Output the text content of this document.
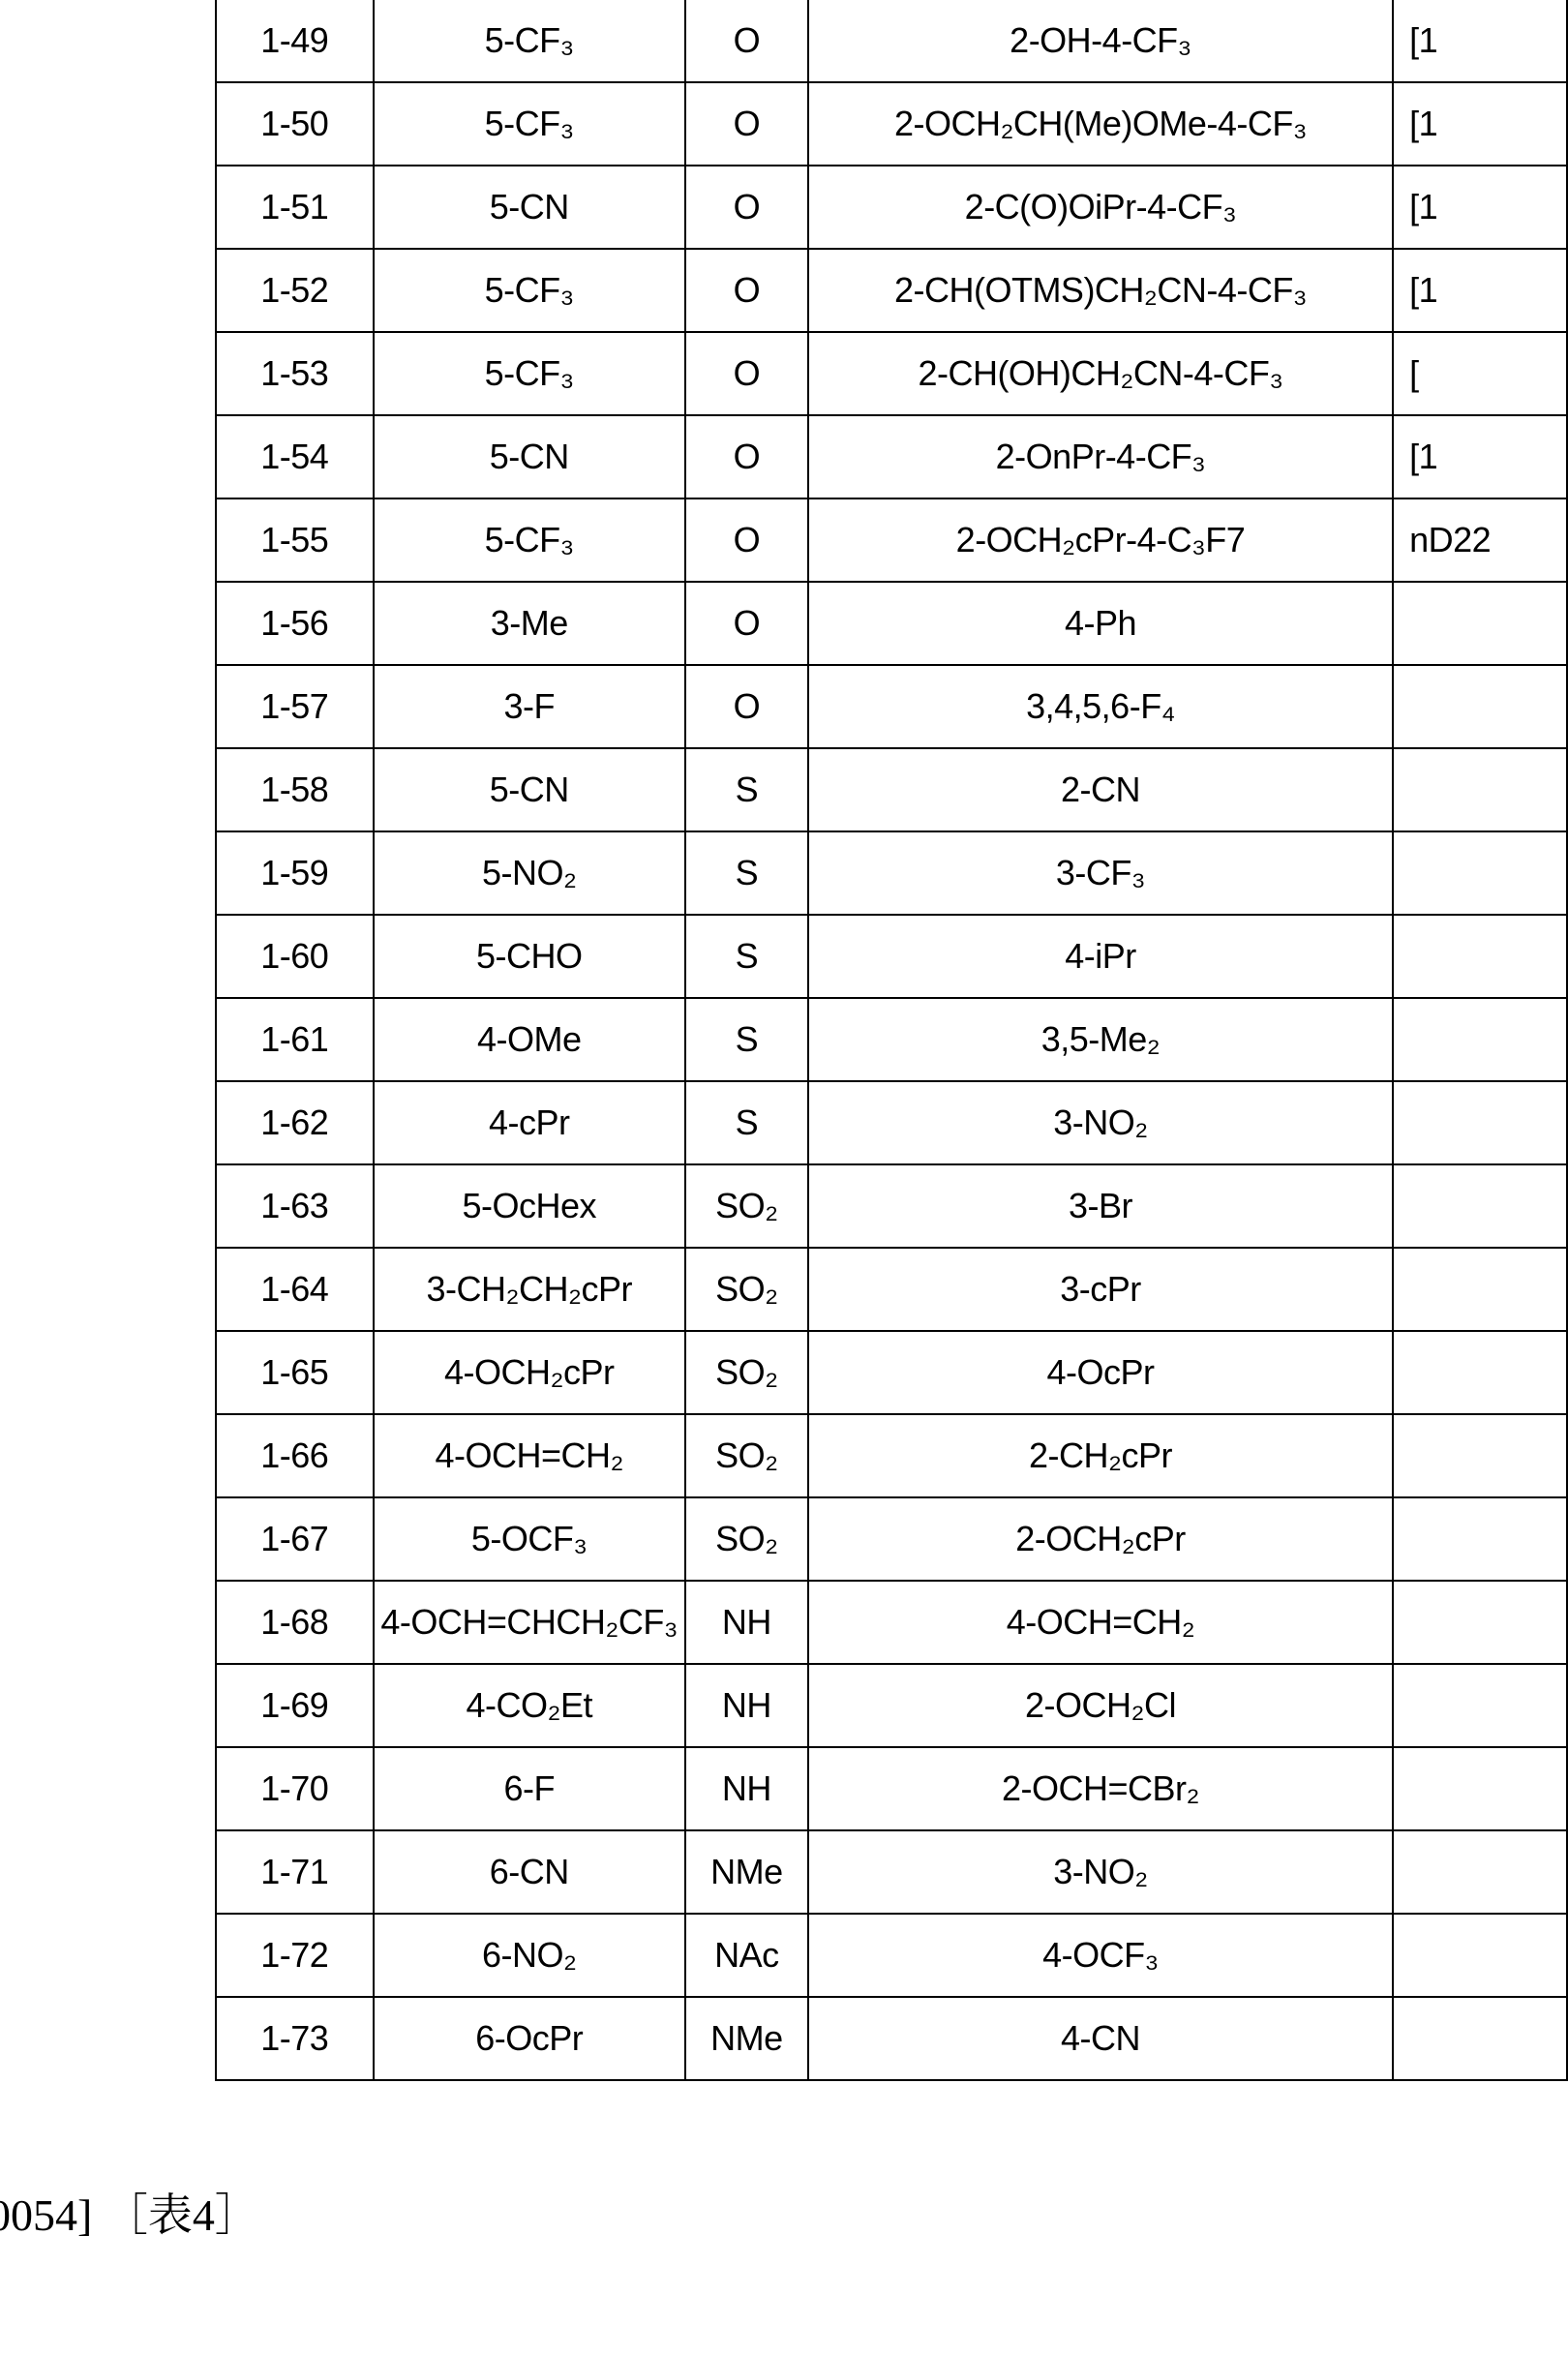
1-49	5-CF₃	O	2-OH-4-CF₃	[1
1-50	5-CF₃	O	2-OCH₂CH(Me)OMe-4-CF₃	[1
1-51	5-CN	O	2-C(O)OiPr-4-CF₃	[1
1-52	5-CF₃	O	2-CH(OTMS)CH₂CN-4-CF₃	[1
1-53	5-CF₃	O	2-CH(OH)CH₂CN-4-CF₃	[
1-54	5-CN	O	2-OnPr-4-CF₃	[1
1-55	5-CF₃	O	2-OCH₂cPr-4-C₃F7	nD22
1-56	3-Me	O	4-Ph	
1-57	3-F	O	3,4,5,6-F₄	
1-58	5-CN	S	2-CN	
1-59	5-NO₂	S	3-CF₃	
1-60	5-CHO	S	4-iPr	
1-61	4-OMe	S	3,5-Me₂	
1-62	4-cPr	S	3-NO₂	
1-63	5-OcHex	SO₂	3-Br	
1-64	3-CH₂CH₂cPr	SO₂	3-cPr	
1-65	4-OCH₂cPr	SO₂	4-OcPr	
1-66	4-OCH=CH₂	SO₂	2-CH₂cPr	
1-67	5-OCF₃	SO₂	2-OCH₂cPr	
1-68	4-OCH=CHCH₂CF₃	NH	4-OCH=CH₂	
1-69	4-CO₂Et	NH	2-OCH₂Cl	
1-70	6-F	NH	2-OCH=CBr₂	
1-71	6-CN	NMe	3-NO₂	
1-72	6-NO₂	NAc	4-OCF₃	
1-73	6-OcPr	NMe	4-CN	
0054] ［表4］
